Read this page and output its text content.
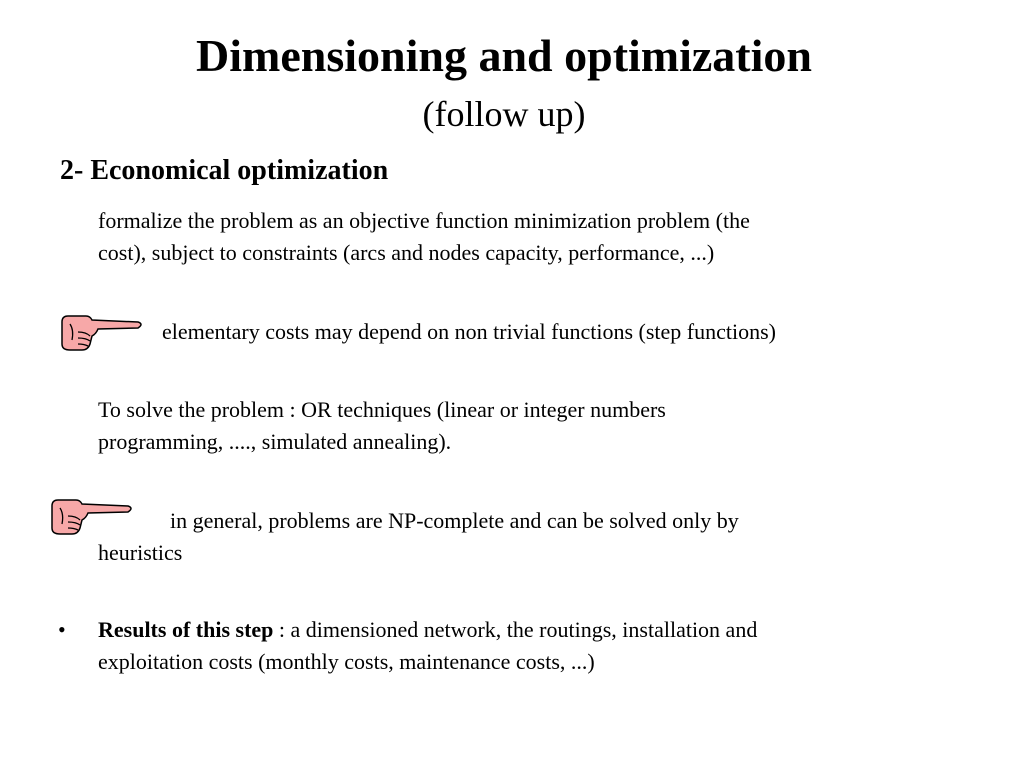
Dimensioning and optimization
(follow up)
2- Economical optimization
formalize the problem as an objective function minimization problem (the
cost), subject to constraints (arcs and nodes capacity, performance, ...)
elementary costs may depend on non trivial functions (step functions)
To solve the problem : OR techniques (linear or integer numbers
programming, ...., simulated annealing).
in general, problems are NP-complete and can be solved only by
heuristics
• Results of this step : a dimensioned network, the routings, installation and
exploitation costs (monthly costs, maintenance costs, ...)
